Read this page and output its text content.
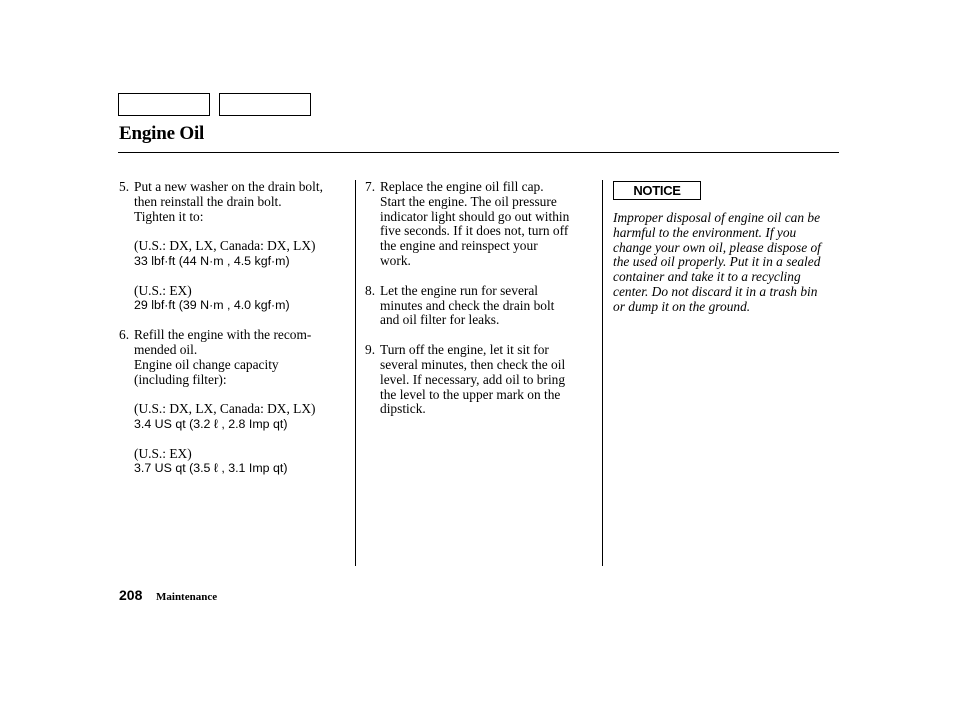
Engine Oil
5. Put a new washer on the drain bolt,
then reinstall the drain bolt.
Tighten it to:
(U.S.: DX, LX, Canada: DX, LX)
33 lbf·ft (44 N·m , 4.5 kgf·m)
(U.S.: EX)
29 lbf·ft (39 N·m , 4.0 kgf·m)
6. Refill the engine with the recom-
mended oil.
Engine oil change capacity
(including filter):
(U.S.: DX, LX, Canada: DX, LX)
3.4 US qt (3.2 ℓ , 2.8 Imp qt)
(U.S.: EX)
3.7 US qt (3.5 ℓ , 3.1 Imp qt)
7. Replace the engine oil fill cap.
Start the engine. The oil pressure
indicator light should go out within
five seconds. If it does not, turn off
the engine and reinspect your
work.
8. Let the engine run for several
minutes and check the drain bolt
and oil filter for leaks.
9. Turn off the engine, let it sit for
several minutes, then check the oil
level. If necessary, add oil to bring
the level to the upper mark on the
dipstick.
NOTICE
Improper disposal of engine oil can be
harmful to the environment. If you
change your own oil, please dispose of
the used oil properly. Put it in a sealed
container and take it to a recycling
center. Do not discard it in a trash bin
or dump it on the ground.
208 Maintenance
